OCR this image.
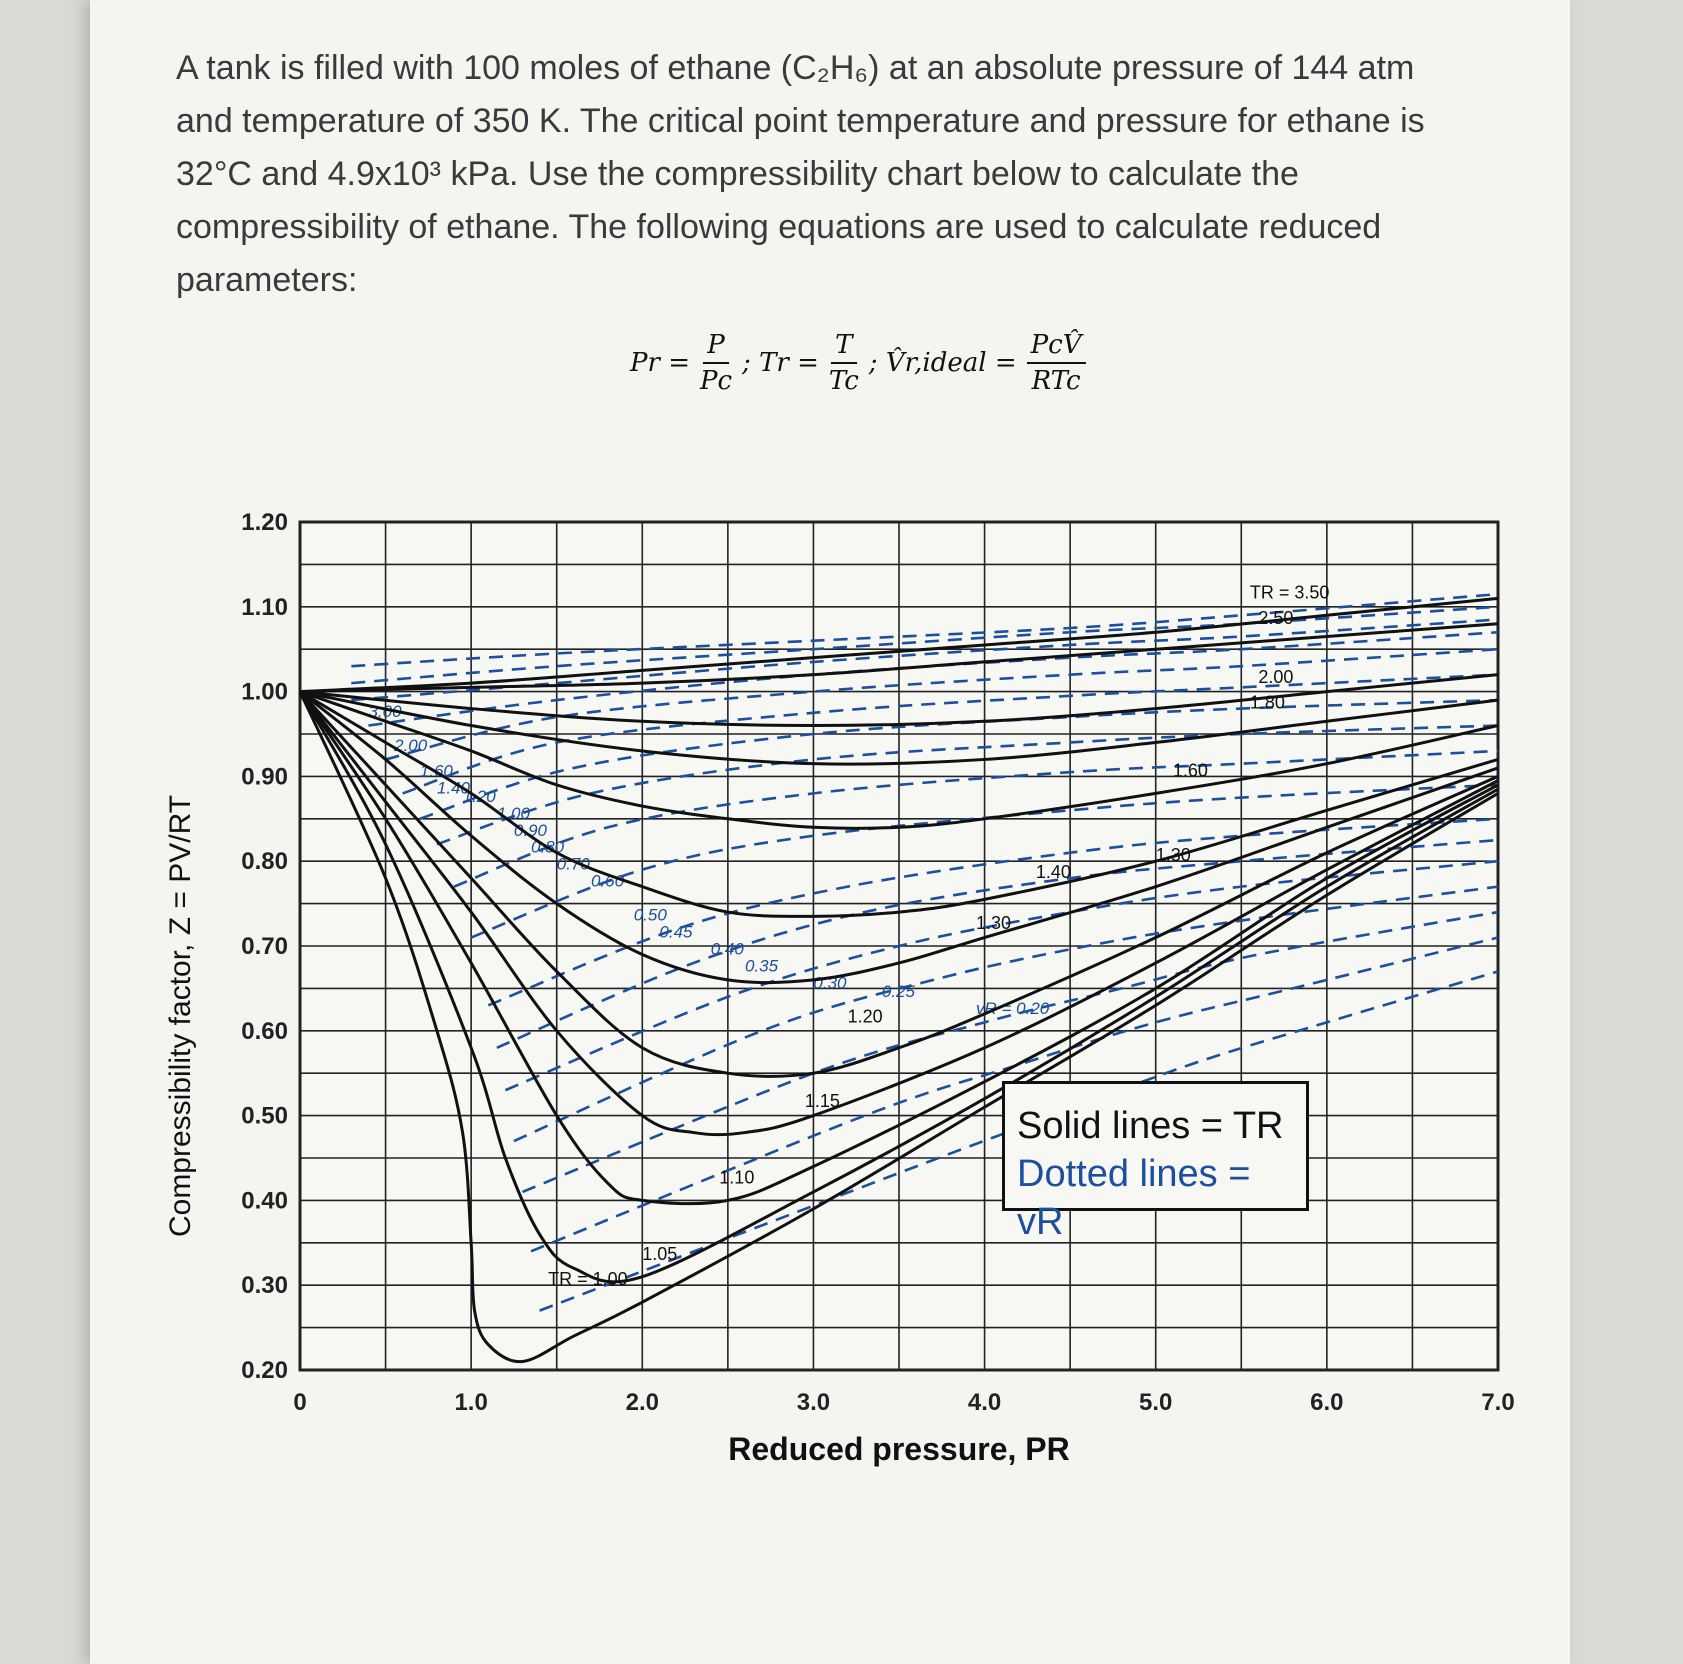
A tank is filled with 100 moles of ethane (C₂H₆) at an absolute pressure of 144 atm

and temperature of 350 K. The critical point temperature and pressure for ethane is

32°C and 4.9x10³ kPa. Use the compressibility chart below to calculate the

compressibility of ethane. The following equations are used to calculate reduced

parameters:

$Pr = \frac{P}{Pc}$ ; $Tr = \frac{T}{Tc}$ ; V̂r,ideal = $\frac{\text{PcV̂}}{\text{RTc}}$
0	1.0	2.0	3.0	4.0	5.0	6.0	7.0
0.20
0.30
0.40
0.50
0.60
0.70
0.80
0.90
1.00
1.10
1.20
Reduced pressure, PR
Compressibility factor, Z = PV/RT
3.00
2.00
1.60
1.40
1.20
1.00
0.90
0.80
0.70
0.60
0.50
0.45
0.40
0.35
0.30 0.25
vR = 0.20
TR = 1.00
1.05
1.10
1.15
1.20
1.30
1.40
1.60
1.80
2.00
2.50
TR = 3.50
1.30
Solid lines = TR
Dotted lines = vR
